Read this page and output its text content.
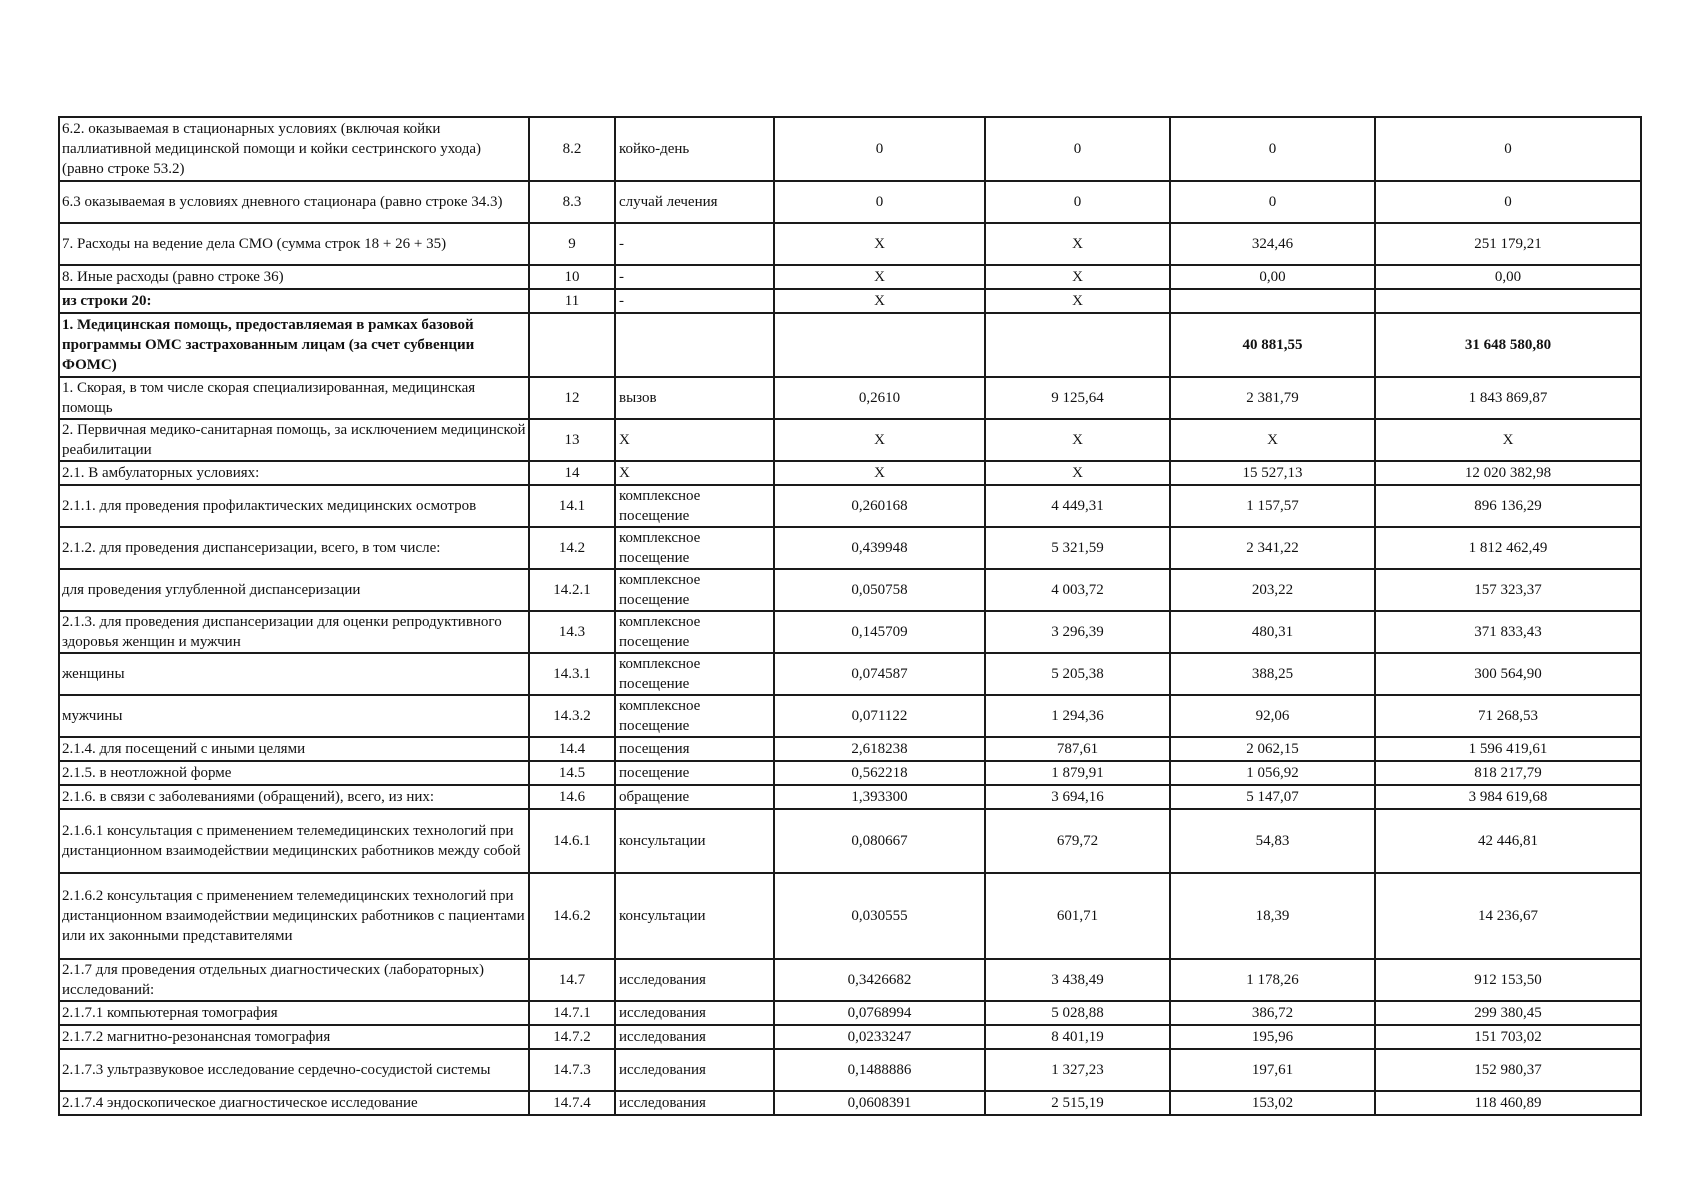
6.2. оказываемая в стационарных условиях (включая койки паллиативной медицинской помощи и койки сестринского ухода) (равно строке 53.2)	8.2	койко-день	0	0	0	0
6.3 оказываемая в условиях дневного стационара (равно строке 34.3)	8.3	случай лечения	0	0	0	0
7. Расходы на ведение дела СМО (сумма строк 18 + 26 + 35)	9	-	X	X	324,46	251 179,21
8. Иные расходы (равно строке 36)	10	-	X	X	0,00	0,00
из строки 20:	11	-	X	X		
1. Медицинская помощь, предоставляемая в рамках базовой программы ОМС застрахованным лицам (за счет субвенции ФОМС)					40 881,55	31 648 580,80
1. Скорая, в том числе скорая специализированная, медицинская помощь	12	вызов	0,2610	9 125,64	2 381,79	1 843 869,87
2. Первичная медико-санитарная помощь, за исключением медицинской реабилитации	13	X	X	X	X	X
2.1. В амбулаторных условиях:	14	X	X	X	15 527,13	12 020 382,98
2.1.1. для проведения профилактических медицинских осмотров	14.1	комплексное посещение	0,260168	4 449,31	1 157,57	896 136,29
2.1.2. для проведения диспансеризации, всего, в том числе:	14.2	комплексное посещение	0,439948	5 321,59	2 341,22	1 812 462,49
для проведения углубленной диспансеризации	14.2.1	комплексное посещение	0,050758	4 003,72	203,22	157 323,37
2.1.3. для проведения диспансеризации для оценки репродуктивного здоровья женщин и мужчин	14.3	комплексное посещение	0,145709	3 296,39	480,31	371 833,43
женщины	14.3.1	комплексное посещение	0,074587	5 205,38	388,25	300 564,90
мужчины	14.3.2	комплексное посещение	0,071122	1 294,36	92,06	71 268,53
2.1.4. для посещений с иными целями	14.4	посещения	2,618238	787,61	2 062,15	1 596 419,61
2.1.5. в неотложной форме	14.5	посещение	0,562218	1 879,91	1 056,92	818 217,79
2.1.6. в связи с заболеваниями (обращений), всего, из них:	14.6	обращение	1,393300	3 694,16	5 147,07	3 984 619,68
2.1.6.1 консультация с применением телемедицинских технологий при дистанционном взаимодействии медицинских работников между собой	14.6.1	консультации	0,080667	679,72	54,83	42 446,81
2.1.6.2 консультация с применением телемедицинских технологий при дистанционном взаимодействии медицинских работников с пациентами или их законными представителями	14.6.2	консультации	0,030555	601,71	18,39	14 236,67
2.1.7 для проведения отдельных диагностических (лабораторных) исследований:	14.7	исследования	0,3426682	3 438,49	1 178,26	912 153,50
2.1.7.1 компьютерная томография	14.7.1	исследования	0,0768994	5 028,88	386,72	299 380,45
2.1.7.2 магнитно-резонансная томография	14.7.2	исследования	0,0233247	8 401,19	195,96	151 703,02
2.1.7.3 ультразвуковое исследование сердечно-сосудистой системы	14.7.3	исследования	0,1488886	1 327,23	197,61	152 980,37
2.1.7.4 эндоскопическое диагностическое исследование	14.7.4	исследования	0,0608391	2 515,19	153,02	118 460,89
